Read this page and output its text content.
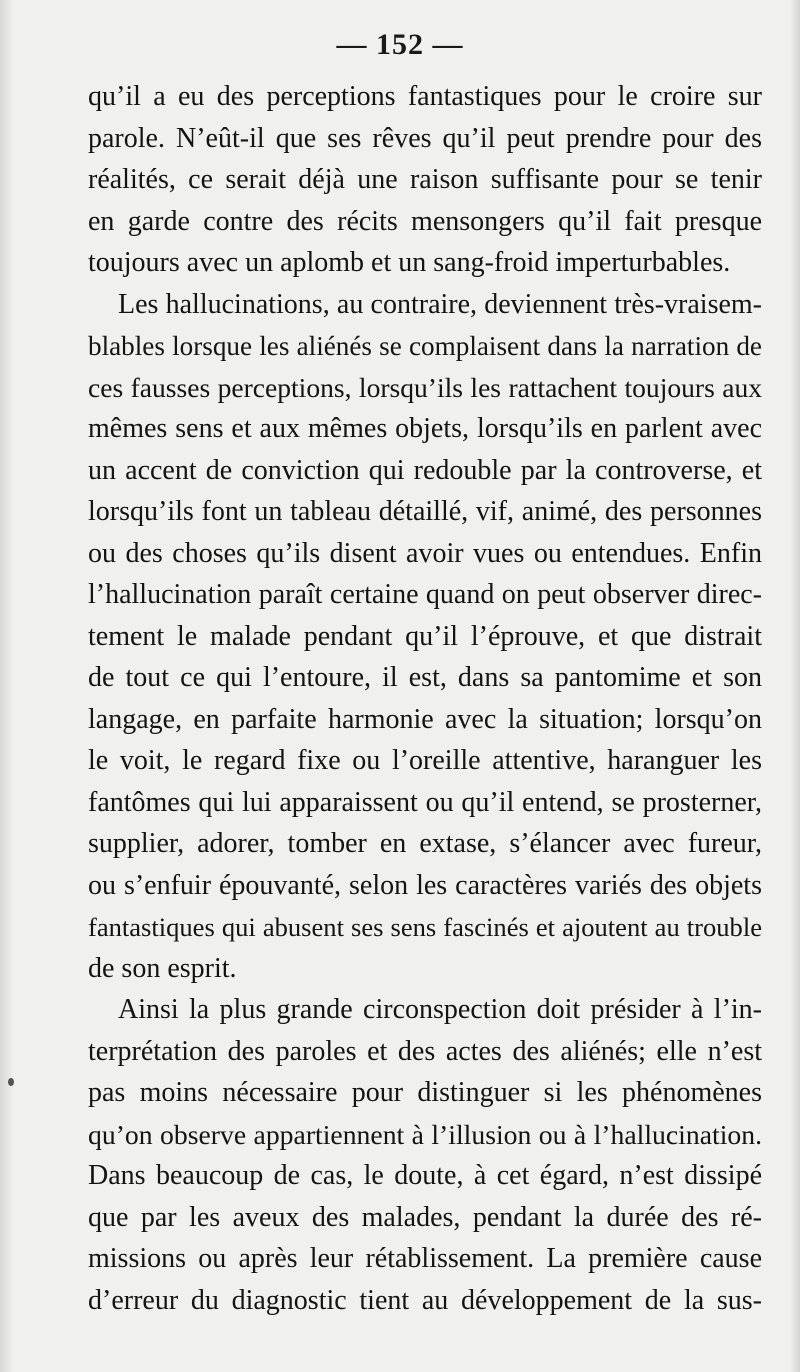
— 152 —
qu’il a eu des perceptions fantastiques pour le croire sur
parole. N’eût-il que ses rêves qu’il peut prendre pour des
réalités, ce serait déjà une raison suffisante pour se tenir
en garde contre des récits mensongers qu’il fait presque
toujours avec un aplomb et un sang-froid imperturbables.
Les hallucinations, au contraire, deviennent très-vraisem-
blables lorsque les aliénés se complaisent dans la narration de
ces fausses perceptions, lorsqu’ils les rattachent toujours aux
mêmes sens et aux mêmes objets, lorsqu’ils en parlent avec
un accent de conviction qui redouble par la controverse, et
lorsqu’ils font un tableau détaillé, vif, animé, des personnes
ou des choses qu’ils disent avoir vues ou entendues. Enfin
l’hallucination paraît certaine quand on peut observer direc-
tement le malade pendant qu’il l’éprouve, et que distrait
de tout ce qui l’entoure, il est, dans sa pantomime et son
langage, en parfaite harmonie avec la situation; lorsqu’on
le voit, le regard fixe ou l’oreille attentive, haranguer les
fantômes qui lui apparaissent ou qu’il entend, se prosterner,
supplier, adorer, tomber en extase, s’élancer avec fureur,
ou s’enfuir épouvanté, selon les caractères variés des objets
fantastiques qui abusent ses sens fascinés et ajoutent au trouble
de son esprit.
Ainsi la plus grande circonspection doit présider à l’in-
terprétation des paroles et des actes des aliénés; elle n’est
pas moins nécessaire pour distinguer si les phénomènes
qu’on observe appartiennent à l’illusion ou à l’hallucination.
Dans beaucoup de cas, le doute, à cet égard, n’est dissipé
que par les aveux des malades, pendant la durée des ré-
missions ou après leur rétablissement. La première cause
d’erreur du diagnostic tient au développement de la sus-
